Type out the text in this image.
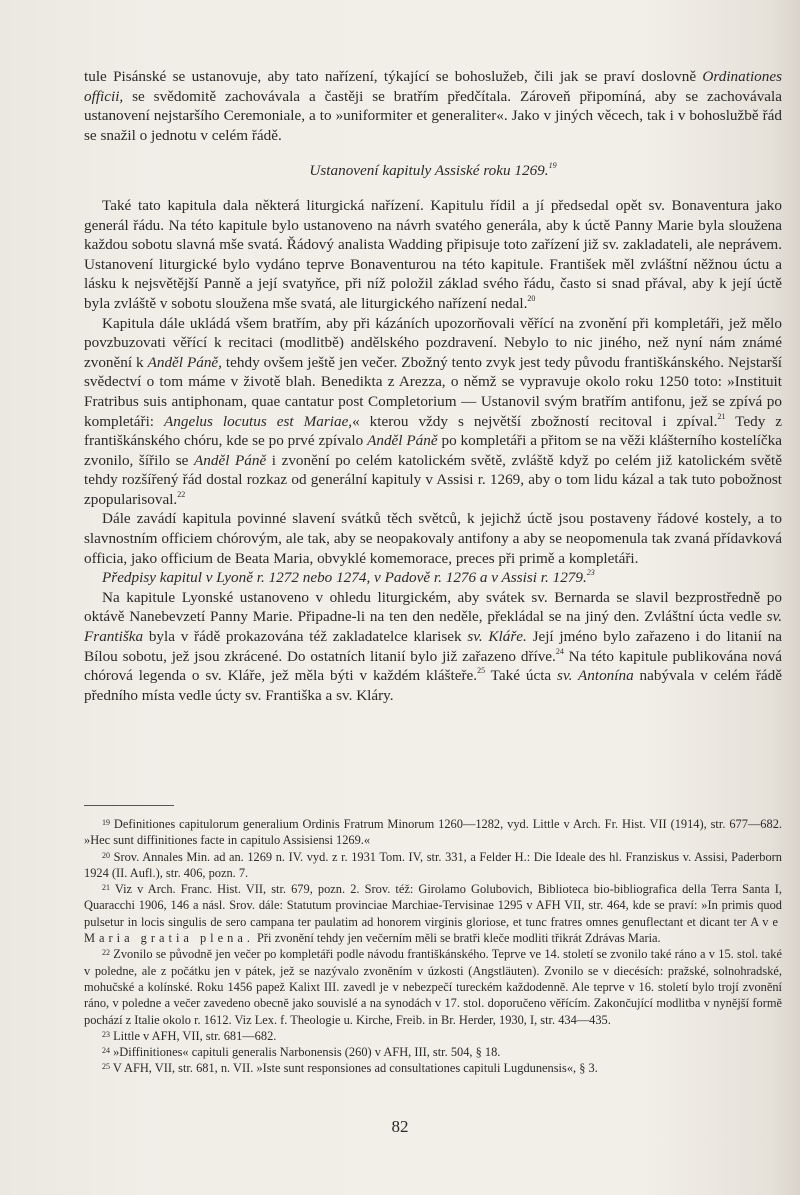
tule Pisánské se ustanovuje, aby tato nařízení, týkající se bohoslužeb, čili jak se praví doslovně Ordinationes officii, se svědomitě zachovávala a častěji se bratřím předčítala. Zároveň připomíná, aby se zachovávala ustanovení nejstaršího Ceremoniale, a to »uniformiter et generaliter«. Jako v jiných věcech, tak i v bohoslužbě řád se snažil o jednotu v celém řádě.

Ustanovení kapituly Assiské roku 1269.19

Také tato kapitula dala některá liturgická nařízení. Kapitulu řídil a jí předsedal opět sv. Bonaventura jako generál řádu. Na této kapitule bylo ustanoveno na návrh svatého generála, aby k úctě Panny Marie byla sloužena každou sobotu slavná mše svatá. Řádový analista Wadding připisuje toto zařízení již sv. zakladateli, ale neprávem. Ustanovení liturgické bylo vydáno teprve Bonaventurou na této kapitule. František měl zvláštní něžnou úctu a lásku k nejsvětější Panně a její svatyňce, při níž položil základ svého řádu, často si snad přával, aby k její úctě byla zvláště v sobotu sloužena mše svatá, ale liturgického nařízení nedal.$^{20}$

Kapitula dále ukládá všem bratřím, aby při kázáních upozorňovali věřící na zvonění při kompletáři, jež mělo povzbuzovati věřící k recitaci (modlitbě) andělského pozdravení. Nebylo to nic jiného, než nyní nám známé zvonění k Anděl Páně, tehdy ovšem ještě jen večer. Zbožný tento zvyk jest tedy původu františkánského. Nejstarší svědectví o tom máme v životě blah. Benedikta z Arezza, o němž se vypravuje okolo roku 1250 toto: »Instituit Fratribus suis antiphonam, quae cantatur post Completorium — Ustanovil svým bratřím antifonu, jež se zpívá po kompletáři: Angelus locutus est Mariae,« kterou vždy s největší zbožností recitoval i zpíval.$^{21}$ Tedy z františkánského chóru, kde se po prvé zpívalo Anděl Páně po kompletáři a přitom se na věži klášterního kostelíčka zvonilo, šířilo se Anděl Páně i zvonění po celém katolickém světě, zvláště když po celém již katolickém světě tehdy rozšířený řád dostal rozkaz od generální kapituly v Assisi r. 1269, aby o tom lidu kázal a tak tuto pobožnost zpopularisoval.$^{22}$

Dále zavádí kapitula povinné slavení svátků těch světců, k jejichž úctě jsou postaveny řádové kostely, a to slavnostním officiem chórovým, ale tak, aby se neopakovaly antifony a aby se neopomenula tak zvaná přídavková officia, jako officium de Beata Maria, obvyklé komemorace, preces při primě a kompletáři.

Předpisy kapitul v Lyoně r. 1272 nebo 1274, v Padově r. 1276 a v Assisi r. 1279.23

Na kapitule Lyonské ustanoveno v ohledu liturgickém, aby svátek sv. Bernarda se slavil bezprostředně po oktávě Nanebevzetí Panny Marie. Připadne-li na ten den neděle, překládal se na jiný den. Zvláštní úcta vedle sv. Františka byla v řádě prokazována též zakladatelce klarisek sv. Kláře. Její jméno bylo zařazeno i do litanií na Bílou sobotu, jež jsou zkrácené. Do ostatních litanií bylo již zařazeno dříve.$^{24}$ Na této kapitule publikována nová chórová legenda o sv. Kláře, jež měla býti v každém klášteře.$^{25}$ Také úcta sv. Antonína nabývala v celém řádě předního místa vedle úcty sv. Františka a sv. Kláry.

$^{19}$ Definitiones capitulorum generalium Ordinis Fratrum Minorum 1260—1282, vyd. Little v Arch. Fr. Hist. VII (1914), str. 677—682. »Hec sunt diffinitiones facte in capitulo Assisiensi 1269.«

$^{20}$ Srov. Annales Min. ad an. 1269 n. IV. vyd. z r. 1931 Tom. IV, str. 331, a Felder H.: Die Ideale des hl. Franziskus v. Assisi, Paderborn 1924 (II. Aufl.), str. 406, pozn. 7.

$^{21}$ Viz v Arch. Franc. Hist. VII, str. 679, pozn. 2. Srov. též: Girolamo Golubovich, Biblioteca bio-bibliografica della Terra Santa I, Quaracchi 1906, 146 a násl. Srov. dále: Statutum provinciae Marchiae-Tervisinae 1295 v AFH VII, str. 464, kde se praví: »In primis quod pulsetur in locis singulis de sero campana ter paulatim ad honorem virginis gloriose, et tunc fratres omnes genuflectant et dicant ter Ave Maria gratia plena. Při zvonění tehdy jen večerním měli se bratři kleče modliti třikrát Zdrávas Maria.

$^{22}$ Zvonilo se původně jen večer po kompletáři podle návodu františkánského. Teprve ve 14. století se zvonilo také ráno a v 15. stol. také v poledne, ale z počátku jen v pátek, jež se nazývalo zvoněním v úzkosti (Angstläuten). Zvonilo se v diecésích: pražské, solnohradské, mohučské a kolínské. Roku 1456 papež Kalixt III. zavedl je v nebezpečí tureckém každodenně. Ale teprve v 16. století bylo trojí zvonění ráno, v poledne a večer zavedeno obecně jako souvislé a na synodách v 17. stol. doporučeno věřícím. Zakončující modlitba v nynější formě pochází z Italie okolo r. 1612. Viz Lex. f. Theologie u. Kirche, Freib. in Br. Herder, 1930, I, str. 434—435.

$^{23}$ Little v AFH, VII, str. 681—682.

$^{24}$ »Diffinitiones« capituli generalis Narbonensis (260) v AFH, III, str. 504, § 18.

$^{25}$ V AFH, VII, str. 681, n. VII. »Iste sunt responsiones ad consultationes capituli Lugdunensis«, § 3.

82
